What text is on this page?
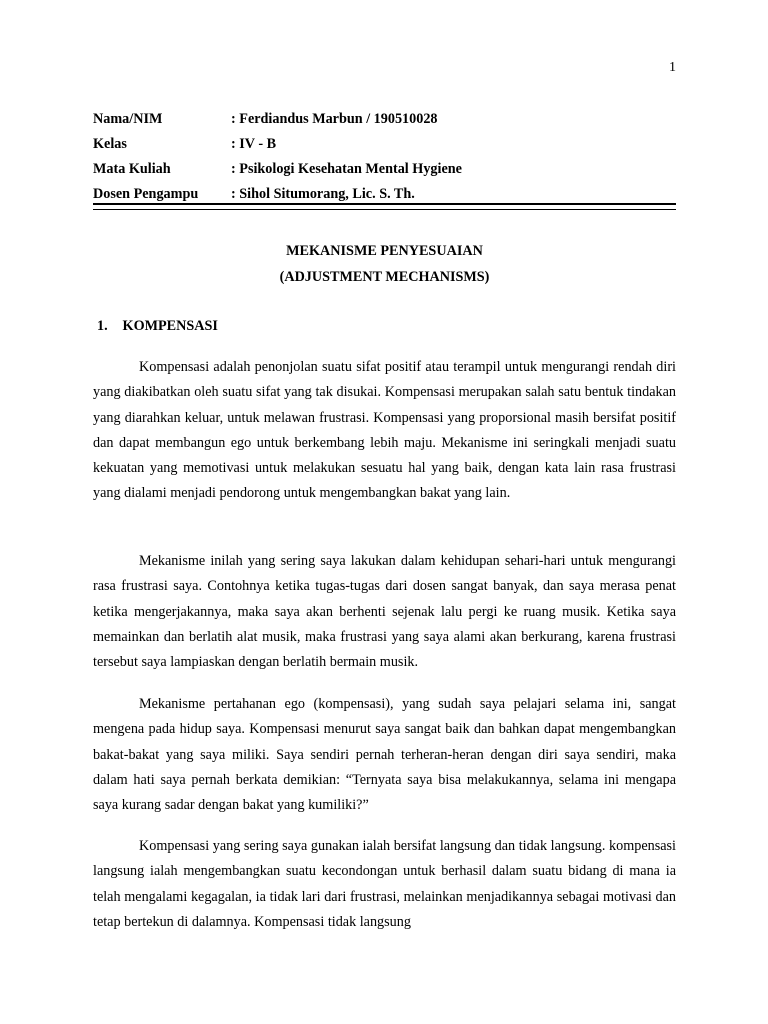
1
Nama/NIM	: Ferdiandus Marbun / 190510028
Kelas	: IV - B
Mata Kuliah	: Psikologi Kesehatan Mental Hygiene
Dosen Pengampu	: Sihol Situmorang, Lic. S. Th.
MEKANISME PENYESUAIAN
(ADJUSTMENT MECHANISMS)
1. KOMPENSASI

Kompensasi adalah penonjolan suatu sifat positif atau terampil untuk mengurangi rendah diri yang diakibatkan oleh suatu sifat yang tak disukai. Kompensasi merupakan salah satu bentuk tindakan yang diarahkan keluar, untuk melawan frustrasi. Kompensasi yang proporsional masih bersifat positif dan dapat membangun ego untuk berkembang lebih maju. Mekanisme ini seringkali menjadi suatu kekuatan yang memotivasi untuk melakukan sesuatu hal yang baik, dengan kata lain rasa frustrasi yang dialami menjadi pendorong untuk mengembangkan bakat yang lain.

Mekanisme inilah yang sering saya lakukan dalam kehidupan sehari-hari untuk mengurangi rasa frustrasi saya. Contohnya ketika tugas-tugas dari dosen sangat banyak, dan saya merasa penat ketika mengerjakannya, maka saya akan berhenti sejenak lalu pergi ke ruang musik. Ketika saya memainkan dan berlatih alat musik, maka frustrasi yang saya alami akan berkurang, karena frustrasi tersebut saya lampiaskan dengan berlatih bermain musik.

Mekanisme pertahanan ego (kompensasi), yang sudah saya pelajari selama ini, sangat mengena pada hidup saya. Kompensasi menurut saya sangat baik dan bahkan dapat mengembangkan bakat-bakat yang saya miliki. Saya sendiri pernah terheran-heran dengan diri saya sendiri, maka dalam hati saya pernah berkata demikian: “Ternyata saya bisa melakukannya, selama ini mengapa saya kurang sadar dengan bakat yang kumiliki?”

Kompensasi yang sering saya gunakan ialah bersifat langsung dan tidak langsung. kompensasi langsung ialah mengembangkan suatu kecondongan untuk berhasil dalam suatu bidang di mana ia telah mengalami kegagalan, ia tidak lari dari frustrasi, melainkan menjadikannya sebagai motivasi dan tetap bertekun di dalamnya. Kompensasi tidak langsung
